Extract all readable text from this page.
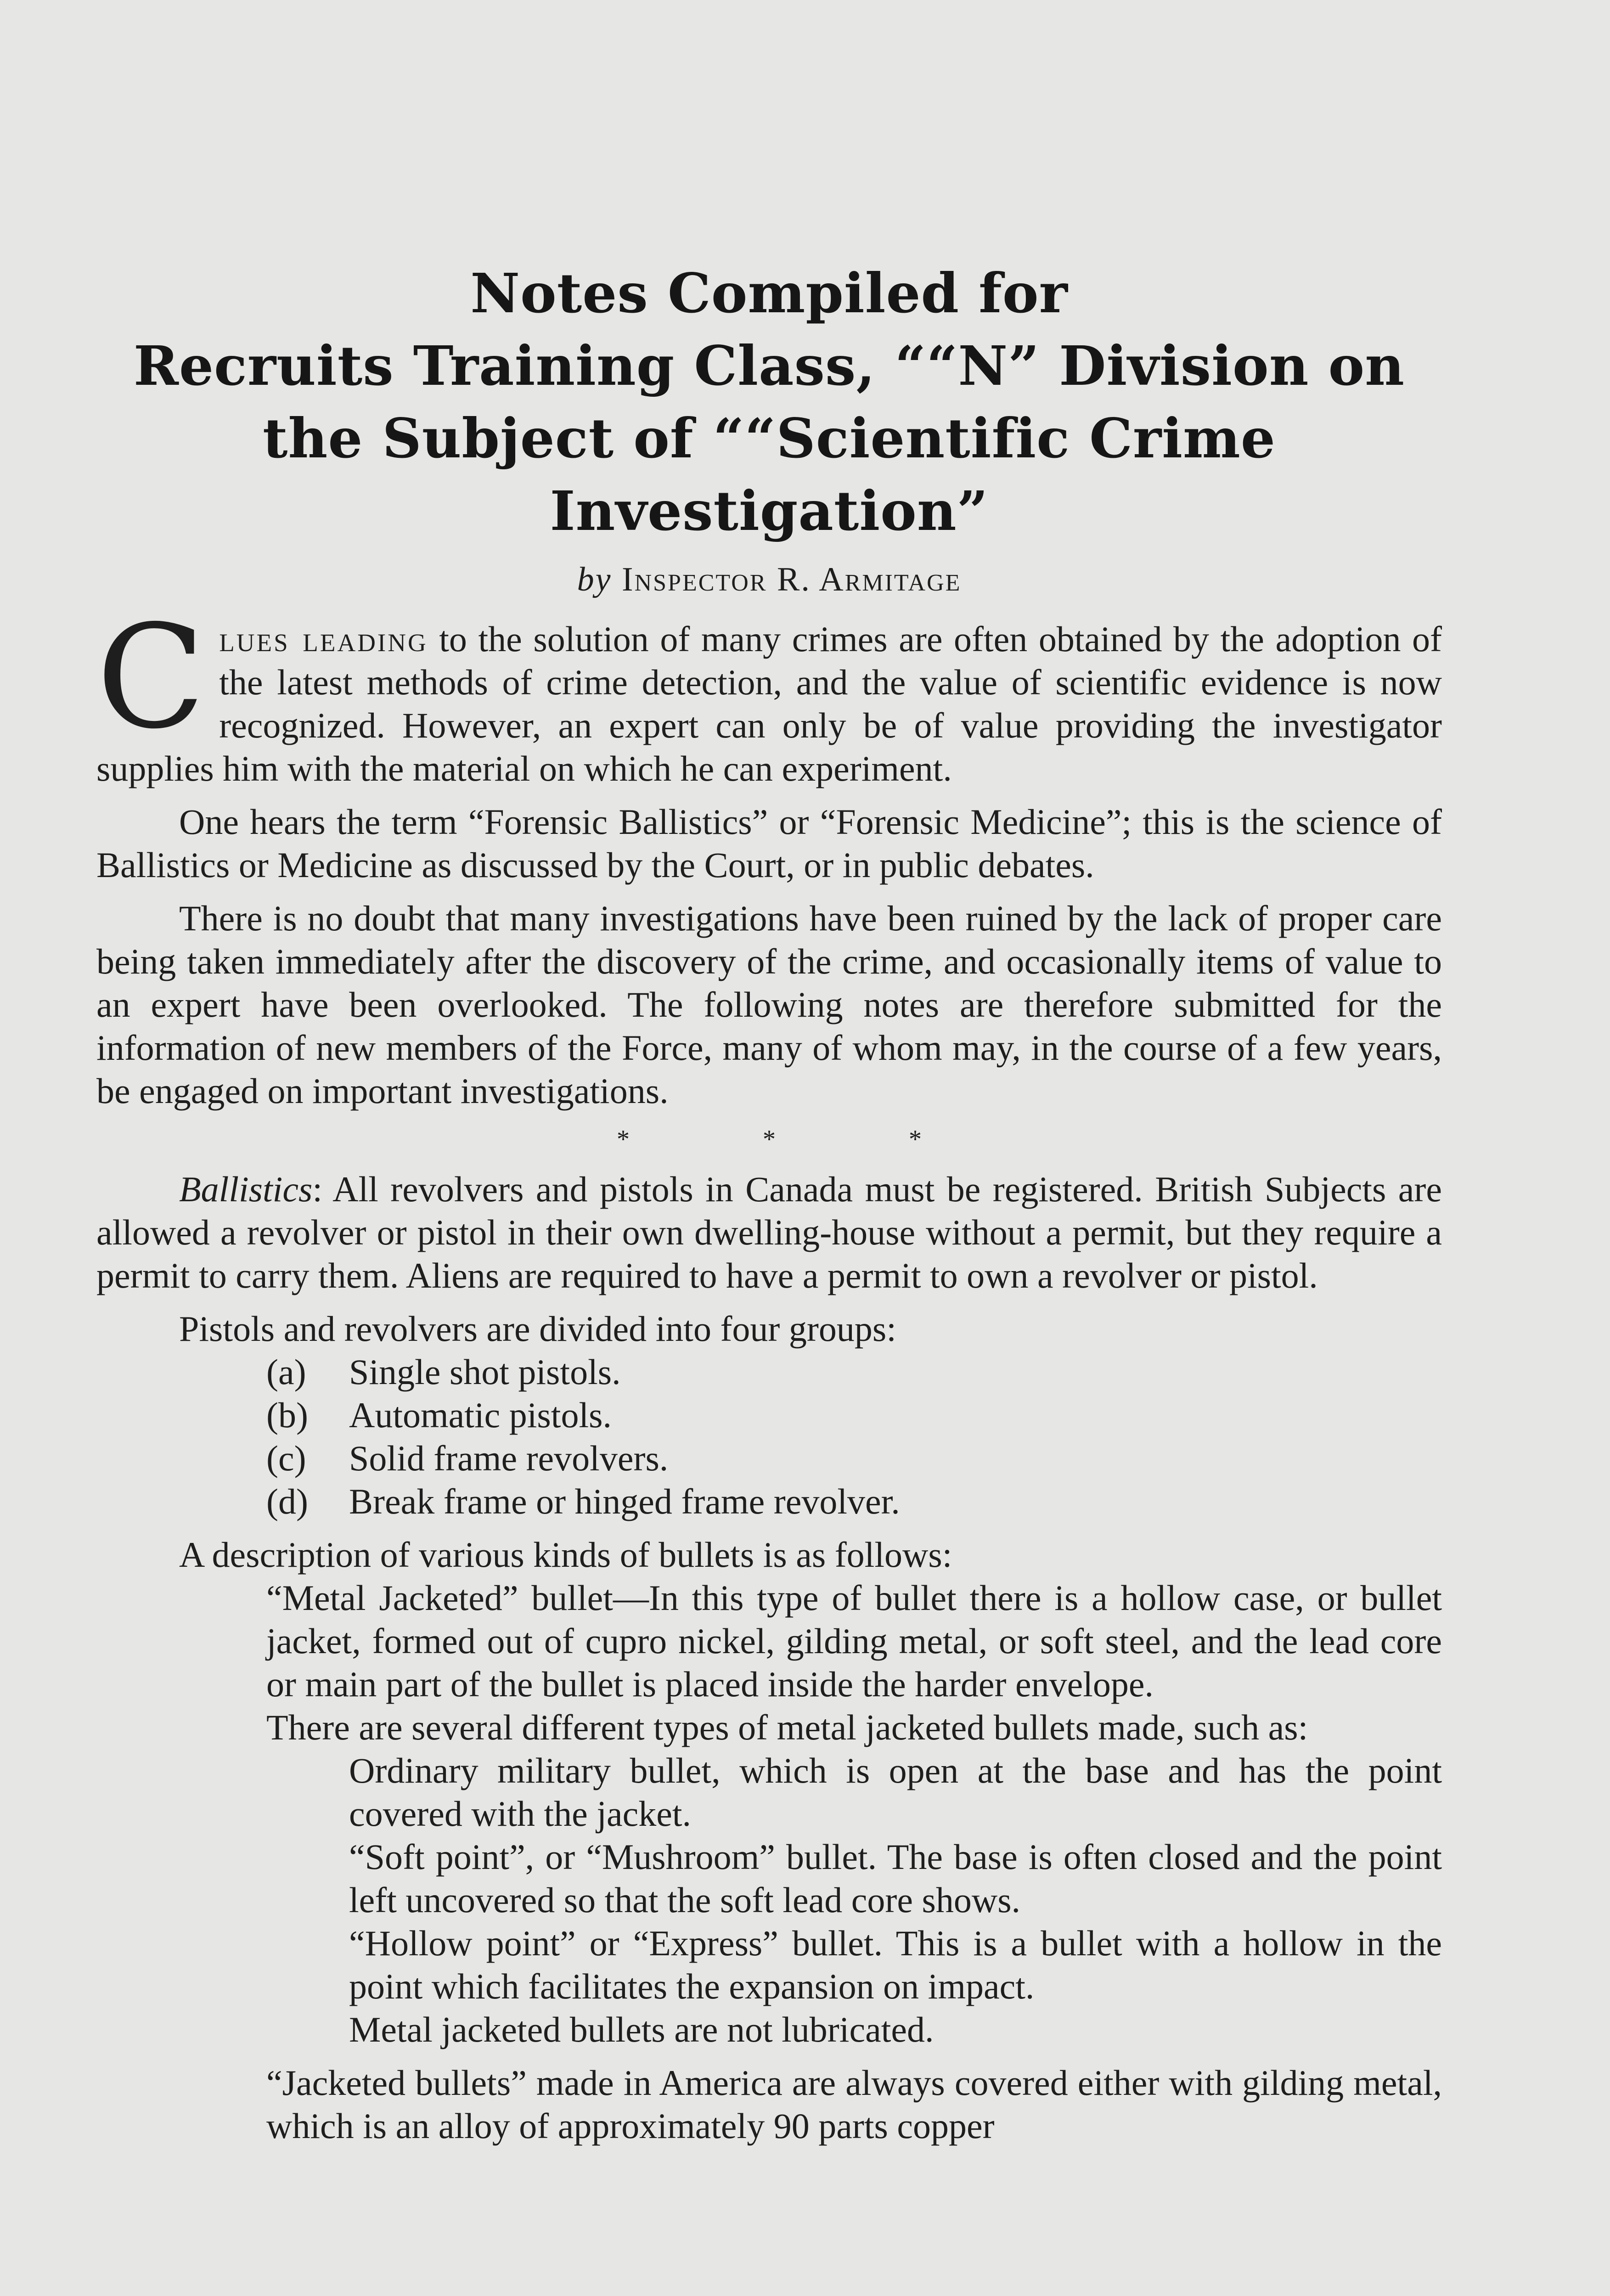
Notes Compiled for
Recruits Training Class, ““N” Division on
the Subject of ““Scientific Crime
Investigation”
by Inspector R. Armitage

Clues leading to the solution of many crimes are often obtained by the adoption of the latest methods of crime detection, and the value of scientific evidence is now recognized. However, an expert can only be of value providing the investigator supplies him with the material on which he can experiment.

One hears the term “Forensic Ballistics” or “Forensic Medicine”; this is the science of Ballistics or Medicine as discussed by the Court, or in public debates.

There is no doubt that many investigations have been ruined by the lack of proper care being taken immediately after the discovery of the crime, and occasionally items of value to an expert have been overlooked. The following notes are therefore submitted for the information of new members of the Force, many of whom may, in the course of a few years, be engaged on important investigations.

*	*	*

Ballistics: All revolvers and pistols in Canada must be registered. British Subjects are allowed a revolver or pistol in their own dwelling-house without a permit, but they require a permit to carry them. Aliens are required to have a permit to own a revolver or pistol.

Pistols and revolvers are divided into four groups:

(a) Single shot pistols.
(b) Automatic pistols.
(c) Solid frame revolvers.
(d) Break frame or hinged frame revolver.

A description of various kinds of bullets is as follows:

“Metal Jacketed” bullet—In this type of bullet there is a hollow case, or bullet jacket, formed out of cupro nickel, gilding metal, or soft steel, and the lead core or main part of the bullet is placed inside the harder envelope.

There are several different types of metal jacketed bullets made, such as:

Ordinary military bullet, which is open at the base and has the point covered with the jacket.

“Soft point”, or “Mushroom” bullet. The base is often closed and the point left uncovered so that the soft lead core shows.

“Hollow point” or “Express” bullet. This is a bullet with a hollow in the point which facilitates the expansion on impact.

Metal jacketed bullets are not lubricated.

“Jacketed bullets” made in America are always covered either with gilding metal, which is an alloy of approximately 90 parts copper
